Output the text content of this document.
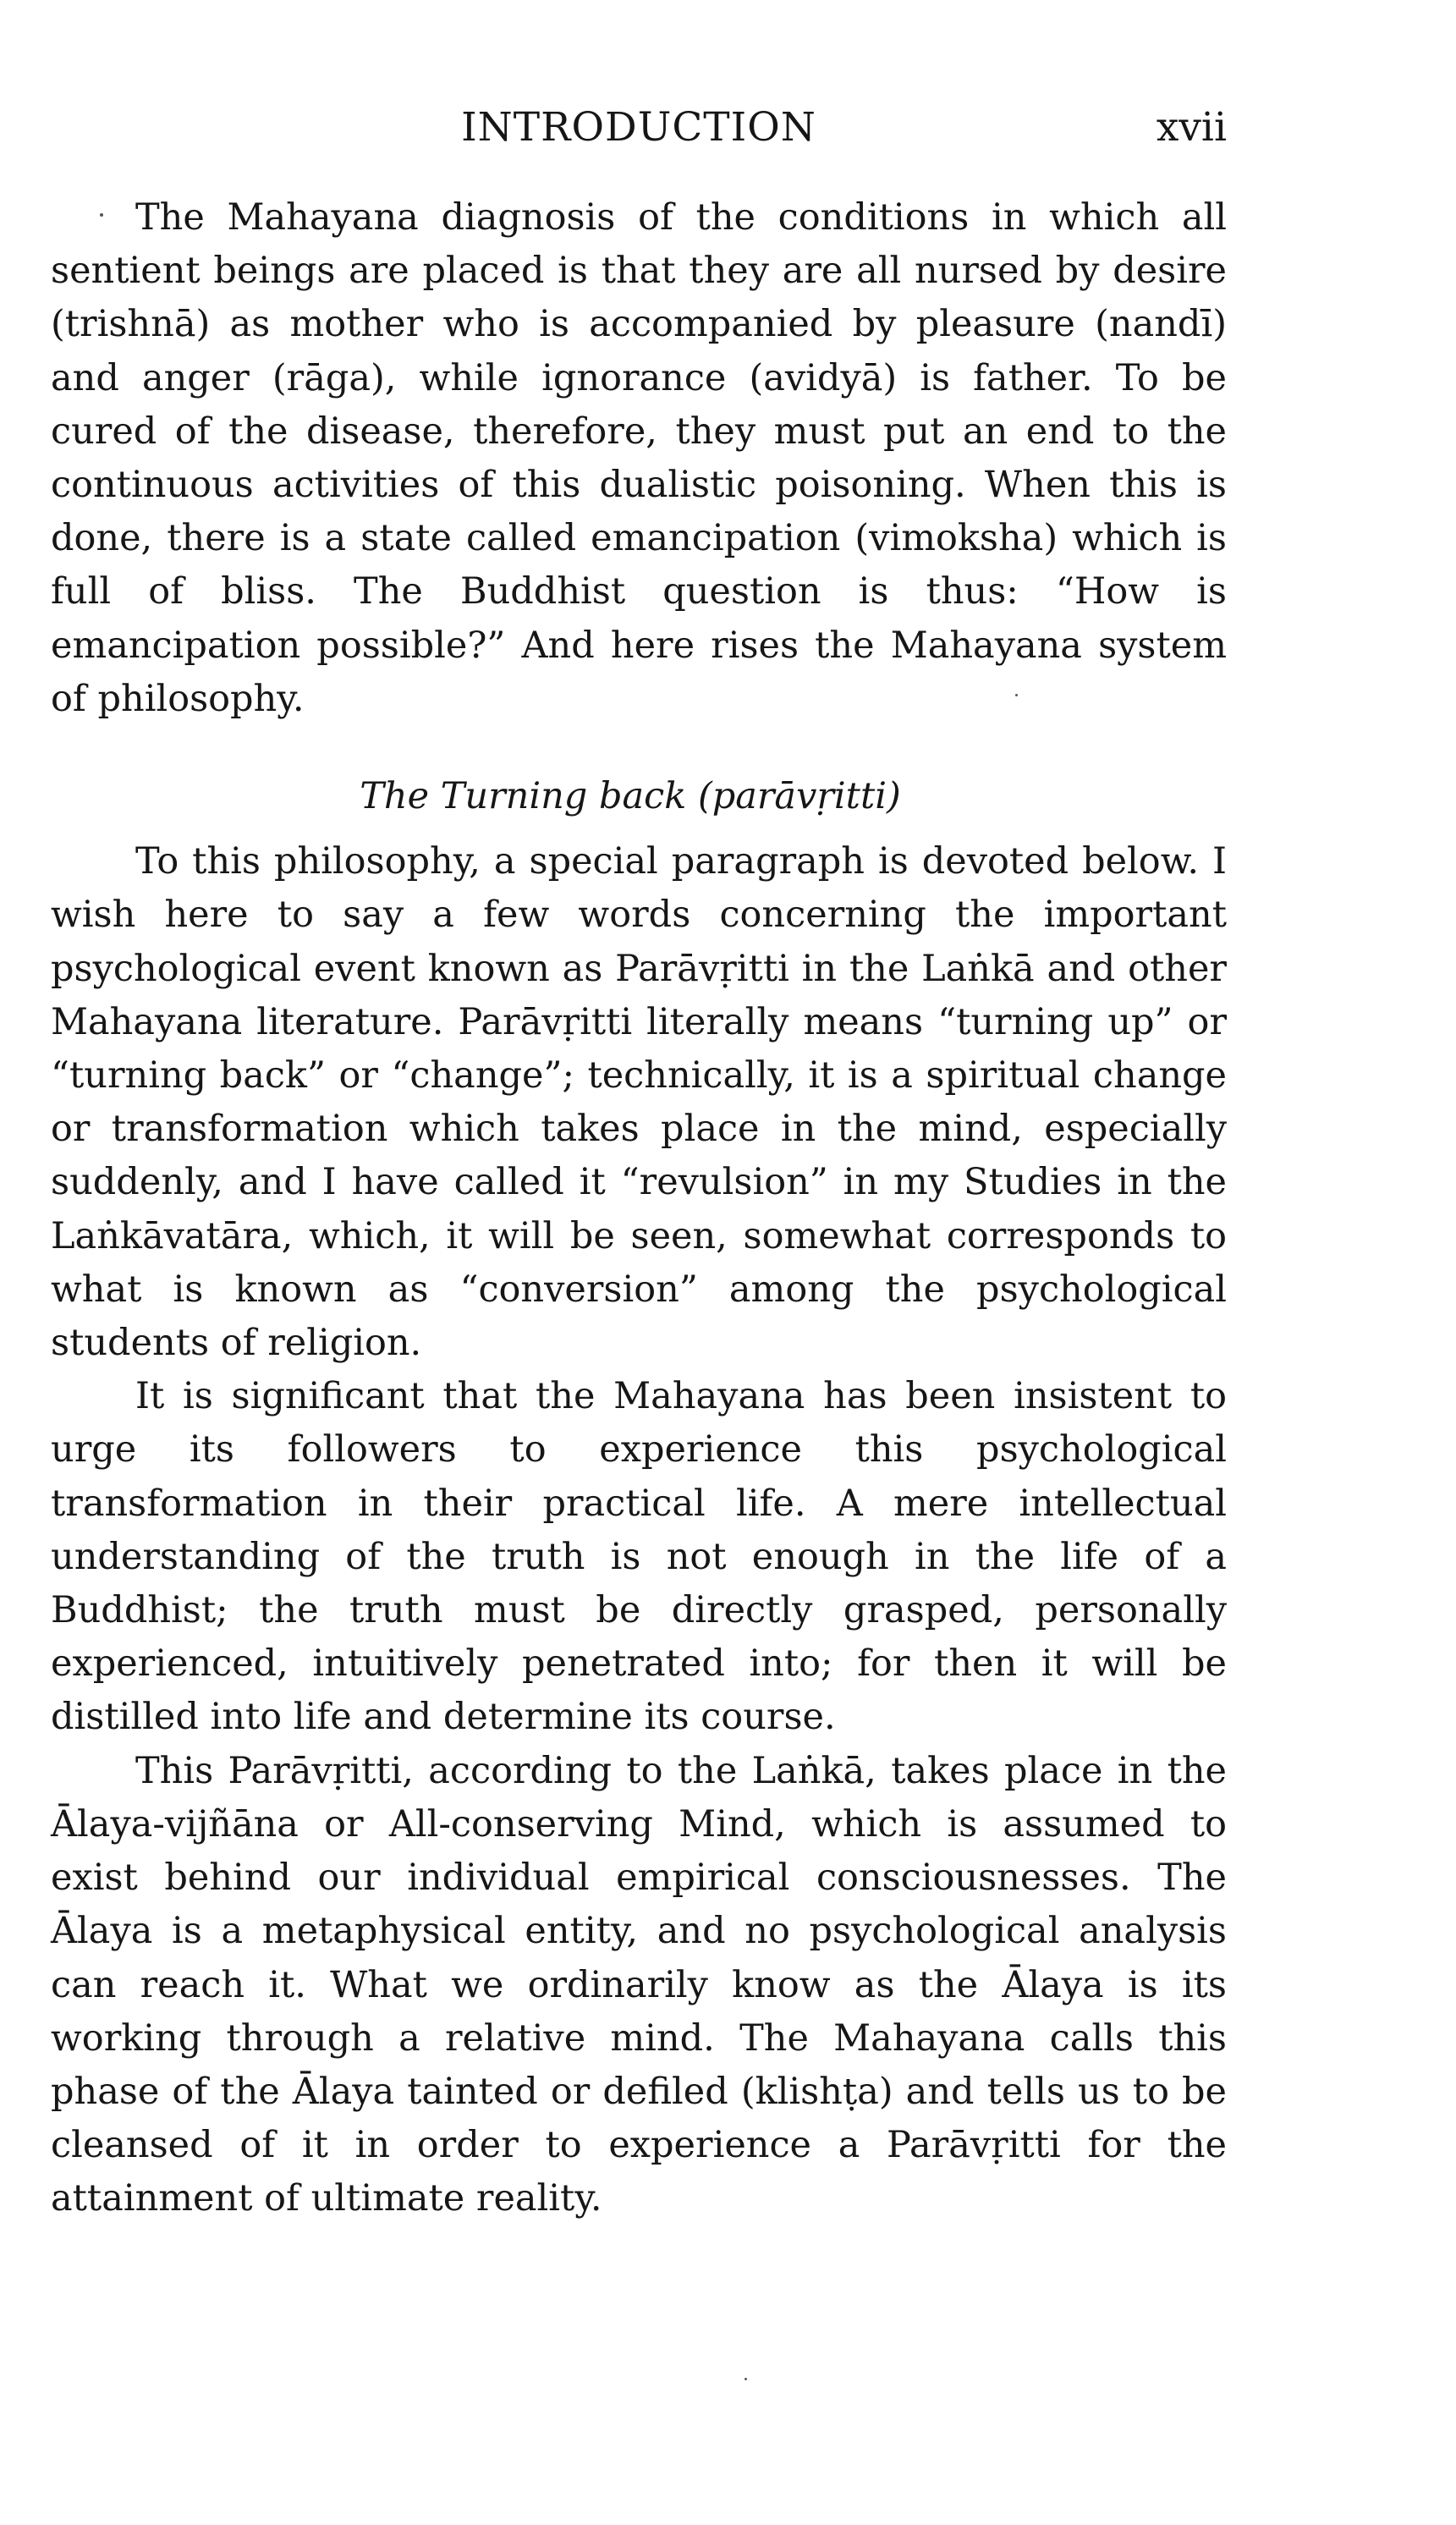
INTRODUCTION	xvii

The Mahayana diagnosis of the conditions in which all sentient beings are placed is that they are all nursed by desire (trishnā) as mother who is accompanied by pleasure (nandī) and anger (rāga), while ignorance (avidyā) is father. To be cured of the disease, therefore, they must put an end to the continuous activities of this dualistic poisoning. When this is done, there is a state called emancipation (vimoksha) which is full of bliss. The Buddhist question is thus: “How is emancipation possible?” And here rises the Mahayana system of philosophy.

The Turning back (parāvṛitti)

To this philosophy, a special paragraph is devoted below. I wish here to say a few words concerning the important psychological event known as Parāvṛitti in the Laṅkā and other Mahayana literature. Parāvṛitti literally means “turning up” or “turning back” or “change”; technically, it is a spiritual change or transformation which takes place in the mind, especially suddenly, and I have called it “revulsion” in my Studies in the Laṅkāvatāra, which, it will be seen, somewhat corresponds to what is known as “conversion” among the psychological students of religion.

It is significant that the Mahayana has been insistent to urge its followers to experience this psychological transformation in their practical life. A mere intellectual understanding of the truth is not enough in the life of a Buddhist; the truth must be directly grasped, personally experienced, intuitively penetrated into; for then it will be distilled into life and determine its course.

This Parāvṛitti, according to the Laṅkā, takes place in the Ālaya-vijñāna or All-conserving Mind, which is assumed to exist behind our individual empirical consciousnesses. The Ālaya is a metaphysical entity, and no psychological analysis can reach it. What we ordinarily know as the Ālaya is its working through a relative mind. The Mahayana calls this phase of the Ālaya tainted or defiled (klishṭa) and tells us to be cleansed of it in order to experience a Parāvṛitti for the attainment of ultimate reality.
